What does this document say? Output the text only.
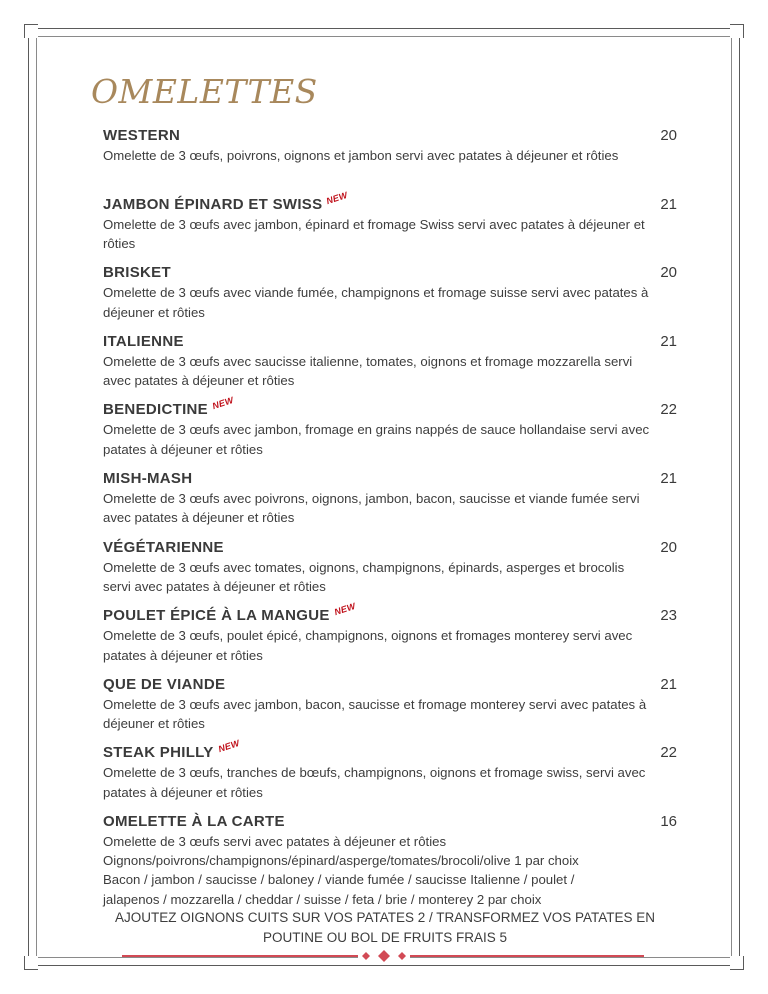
OMELETTES
WESTERN	20
Omelette de 3 œufs, poivrons, oignons et jambon servi avec patates à déjeuner et rôties
JAMBON ÉPINARD ET SWISS NEW	21
Omelette de 3 œufs avec jambon, épinard et fromage Swiss servi avec patates à déjeuner et rôties
BRISKET	20
Omelette de 3 œufs avec viande fumée, champignons et fromage suisse servi avec patates à déjeuner et rôties
ITALIENNE	21
Omelette de 3 œufs avec saucisse italienne, tomates, oignons et fromage mozzarella servi avec patates à déjeuner et rôties
BENEDICTINE NEW	22
Omelette de 3 œufs avec jambon, fromage en grains nappés de sauce hollandaise servi avec patates à déjeuner et rôties
MISH-MASH	21
Omelette de 3 œufs avec poivrons, oignons, jambon, bacon, saucisse et viande fumée servi avec patates à déjeuner et rôties
VÉGÉTARIENNE	20
Omelette de 3 œufs avec tomates, oignons, champignons, épinards, asperges et brocolis servi avec patates à déjeuner et rôties
POULET ÉPICÉ À LA MANGUE NEW	23
Omelette de 3 œufs, poulet épicé, champignons, oignons et fromages monterey servi avec patates à déjeuner et rôties
QUE DE VIANDE	21
Omelette de 3 œufs avec jambon, bacon, saucisse et fromage monterey servi avec patates à déjeuner et rôties
STEAK PHILLY NEW	22
Omelette de 3 œufs, tranches de bœufs, champignons, oignons et fromage swiss, servi avec patates à déjeuner et rôties
OMELETTE À LA CARTE	16
Omelette de 3 œufs servi avec patates à déjeuner et rôties
Oignons/poivrons/champignons/épinard/asperge/tomates/brocoli/olive 1 par choix
Bacon / jambon / saucisse / baloney / viande fumée / saucisse Italienne / poulet /
jalapenos / mozzarella / cheddar / suisse / feta / brie / monterey 2 par choix
AJOUTEZ OIGNONS CUITS SUR VOS PATATES 2 / TRANSFORMEZ VOS PATATES EN POUTINE OU BOL DE FRUITS FRAIS 5
